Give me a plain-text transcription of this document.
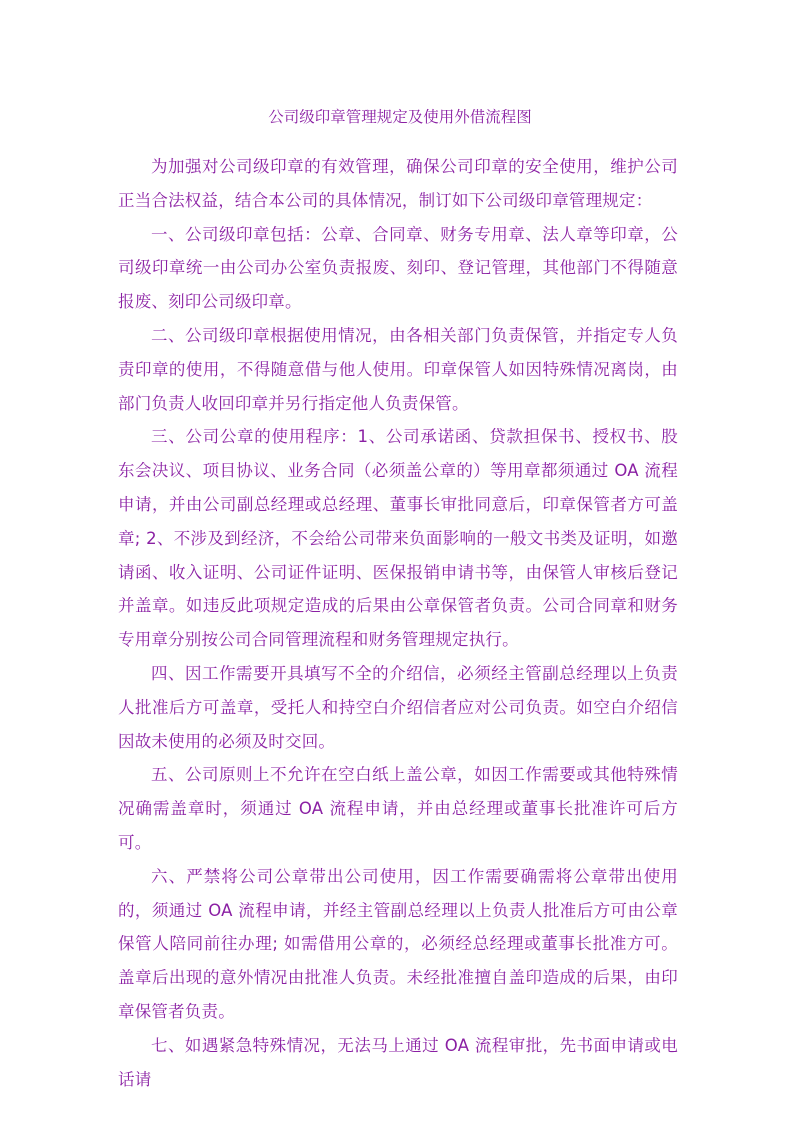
公司级印章管理规定及使用外借流程图

为加强对公司级印章的有效管理，确保公司印章的安全使用，维护公司正当合法权益，结合本公司的具体情况，制订如下公司级印章管理规定：

一、公司级印章包括：公章、合同章、财务专用章、法人章等印章，公司级印章统一由公司办公室负责报废、刻印、登记管理，其他部门不得随意报废、刻印公司级印章。

二、公司级印章根据使用情况，由各相关部门负责保管，并指定专人负责印章的使用，不得随意借与他人使用。印章保管人如因特殊情况离岗，由部门负责人收回印章并另行指定他人负责保管。

三、公司公章的使用程序：1、公司承诺函、贷款担保书、授权书、股东会决议、项目协议、业务合同（必须盖公章的）等用章都须通过 OA 流程申请，并由公司副总经理或总经理、董事长审批同意后，印章保管者方可盖章; 2、不涉及到经济，不会给公司带来负面影响的一般文书类及证明，如邀请函、收入证明、公司证件证明、医保报销申请书等，由保管人审核后登记并盖章。如违反此项规定造成的后果由公章保管者负责。公司合同章和财务专用章分别按公司合同管理流程和财务管理规定执行。

四、因工作需要开具填写不全的介绍信，必须经主管副总经理以上负责人批准后方可盖章，受托人和持空白介绍信者应对公司负责。如空白介绍信因故未使用的必须及时交回。

五、公司原则上不允许在空白纸上盖公章，如因工作需要或其他特殊情况确需盖章时，须通过 OA 流程申请，并由总经理或董事长批准许可后方可。

六、严禁将公司公章带出公司使用，因工作需要确需将公章带出使用的，须通过 OA 流程申请，并经主管副总经理以上负责人批准后方可由公章保管人陪同前往办理; 如需借用公章的，必须经总经理或董事长批准方可。盖章后出现的意外情况由批准人负责。未经批准擅自盖印造成的后果，由印章保管者负责。

七、如遇紧急特殊情况，无法马上通过 OA 流程审批，先书面申请或电话请
